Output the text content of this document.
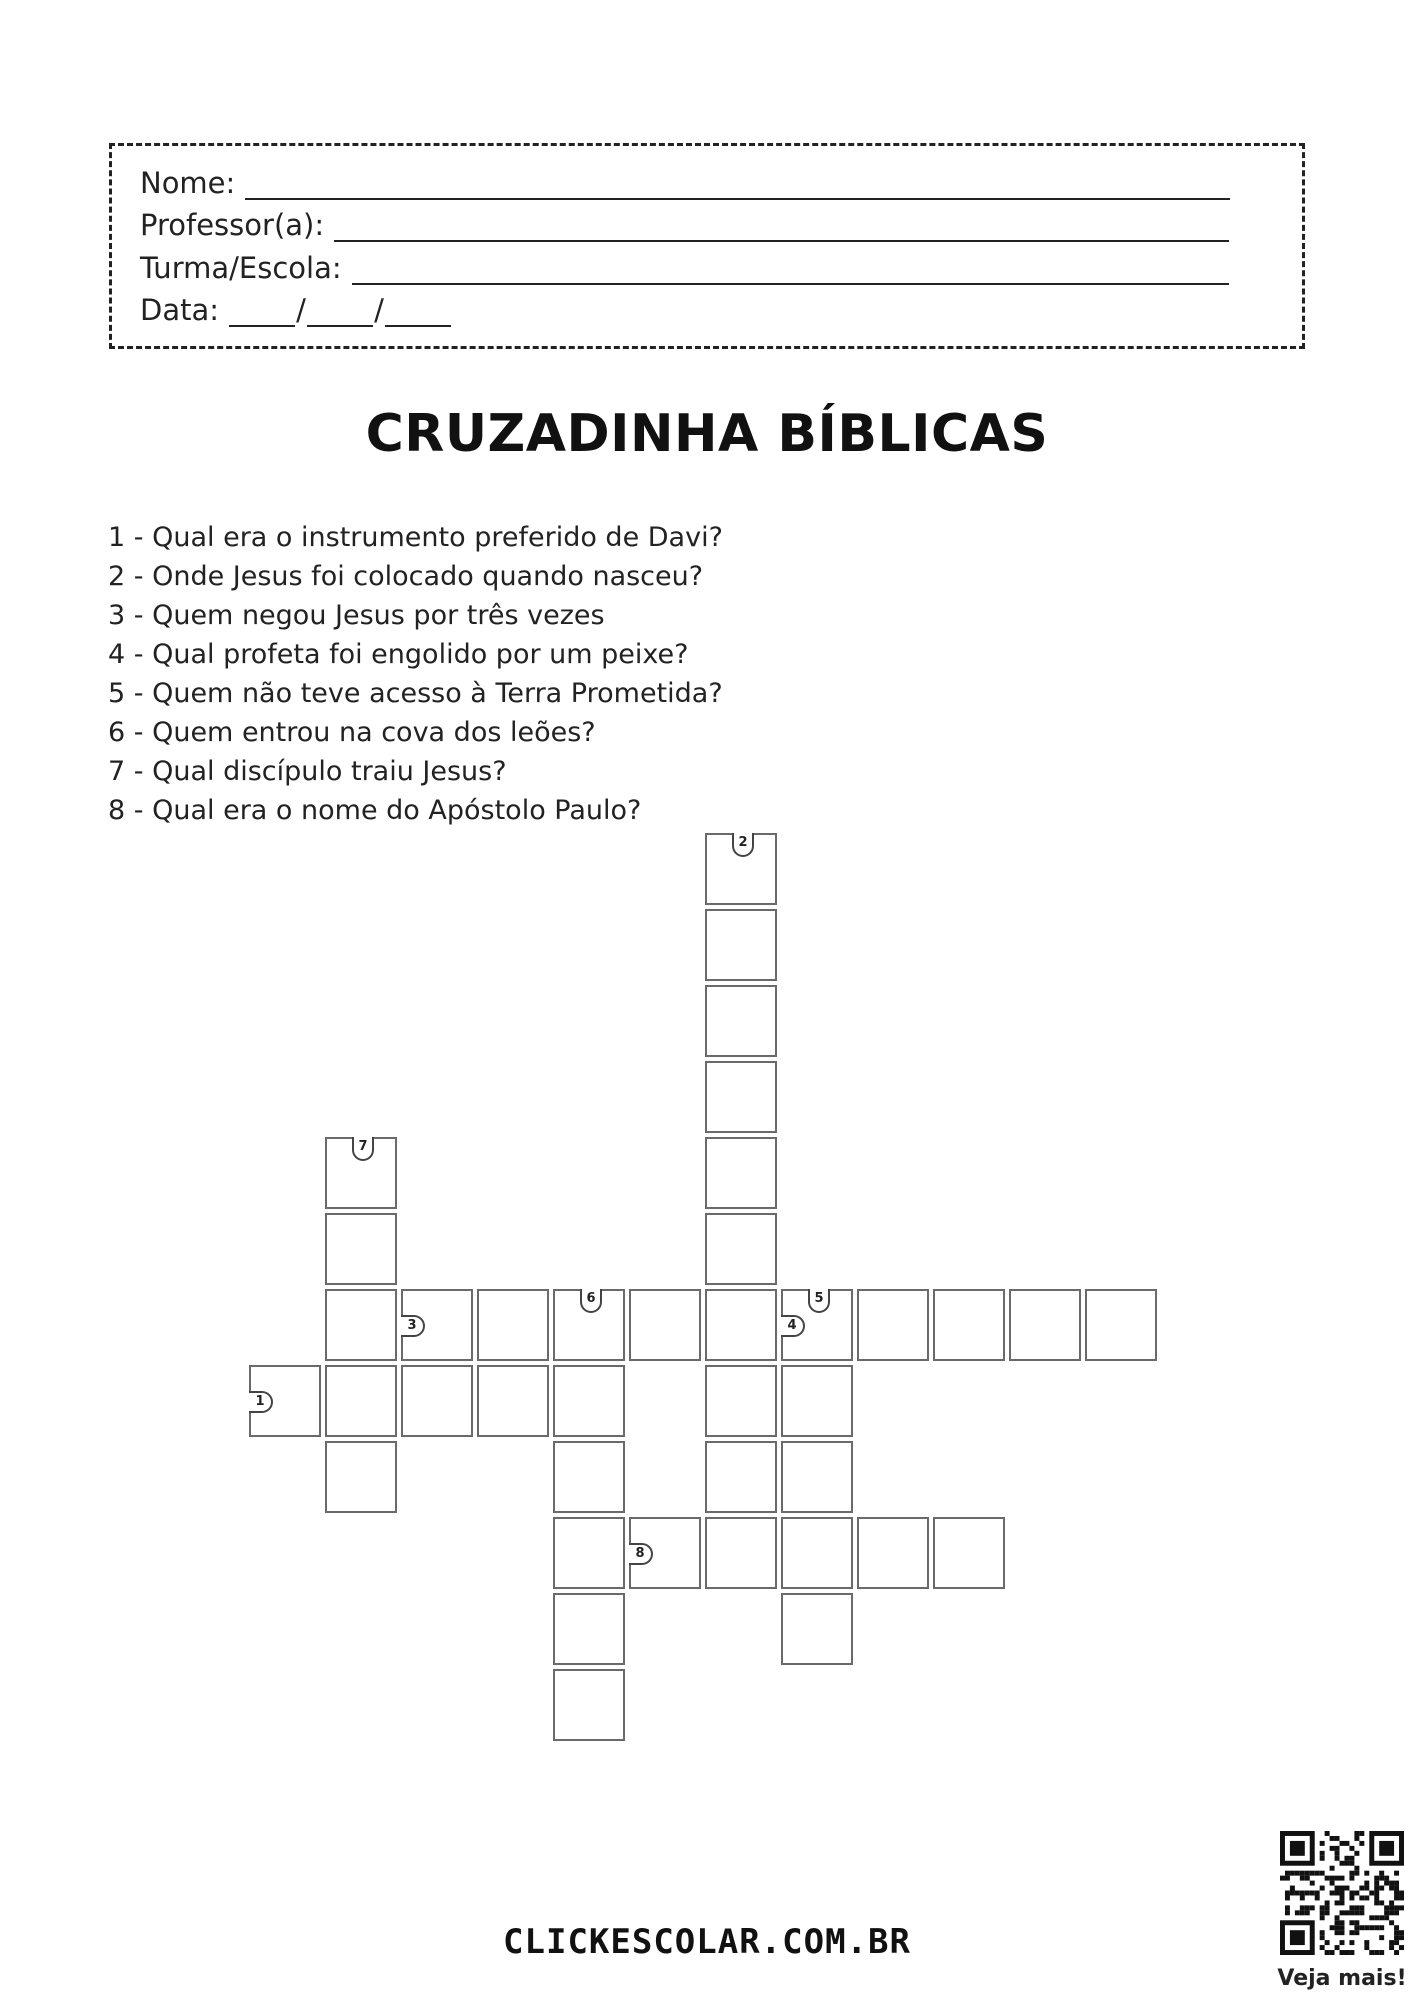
Nome:
Professor(a):
Turma/Escola:
Data:	/ /
CRUZADINHA BÍBLICAS
1 - Qual era o instrumento preferido de Davi?
2 - Onde Jesus foi colocado quando nasceu?
3 - Quem negou Jesus por três vezes
4 - Qual profeta foi engolido por um peixe?
5 - Quem não teve acesso à Terra Prometida?
6 - Quem entrou na cova dos leões?
7 - Qual discípulo traiu Jesus?
8 - Qual era o nome do Apóstolo Paulo?
2
7
3
6	5
4
1
8
CLICKESCOLAR.COM.BR
Veja mais!
